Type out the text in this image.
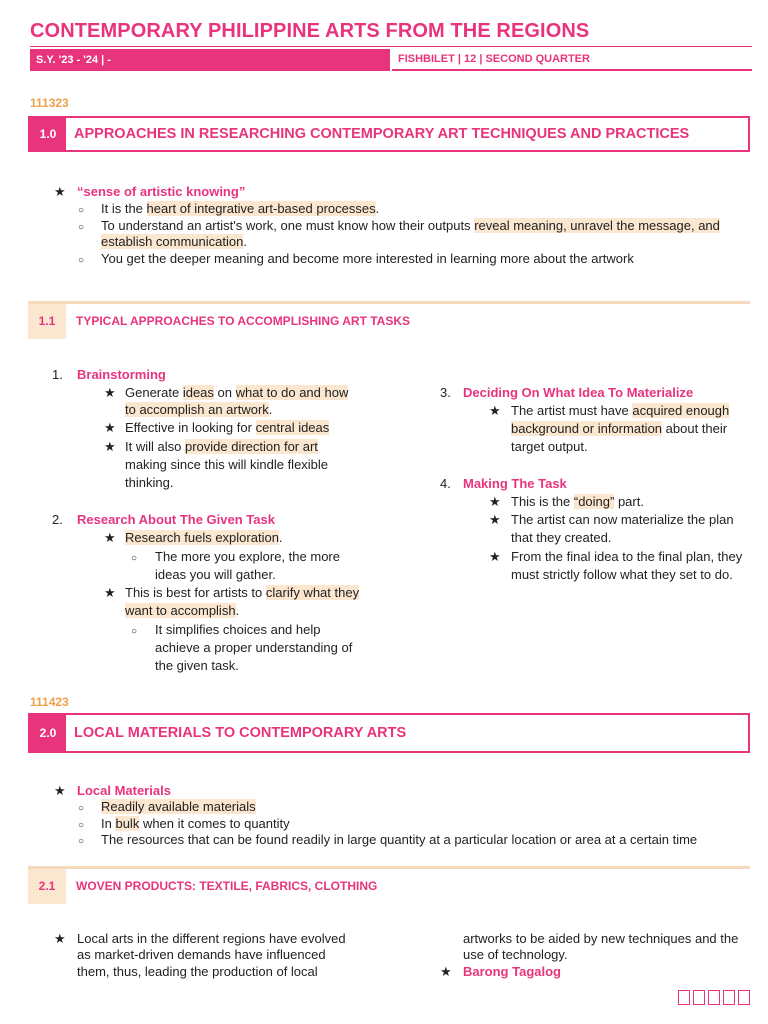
CONTEMPORARY PHILIPPINE ARTS FROM THE REGIONS
S.Y. '23 - '24 | -	FISHBILET | 12 | SECOND QUARTER
111323
1.0	APPROACHES IN RESEARCHING CONTEMPORARY ART TECHNIQUES AND PRACTICES
★
“sense of artistic knowing”
○
It is the heart of integrative art-based processes.
○
To understand an artist's work, one must know how their outputs reveal meaning, unravel the message, and
establish communication.
○
You get the deeper meaning and become more interested in learning more about the artwork
1.1	TYPICAL APPROACHES TO ACCOMPLISHING ART TASKS
1. Brainstorming
★
Generate ideas on what to do and how
to accomplish an artwork.
★
Effective in looking for central ideas
★
It will also provide direction for art
making since this will kindle flexible
thinking.
2. Research About The Given Task
★
Research fuels exploration.
○
The more you explore, the more
ideas you will gather.
★
This is best for artists to clarify what they
want to accomplish.
○
It simplifies choices and help
achieve a proper understanding of
the given task.
3. Deciding On What Idea To Materialize
★
The artist must have acquired enough
background or information about their
target output.
4. Making The Task
★
This is the “doing” part.
★
The artist can now materialize the plan
that they created.
★
From the final idea to the final plan, they
must strictly follow what they set to do.
111423
2.0	LOCAL MATERIALS TO CONTEMPORARY ARTS
★
Local Materials
○
Readily available materials
○
In bulk when it comes to quantity
○
The resources that can be found readily in large quantity at a particular location or area at a certain time
2.1	WOVEN PRODUCTS: TEXTILE, FABRICS, CLOTHING
★
Local arts in the different regions have evolved
as market-driven demands have influenced
them, thus, leading the production of local
artworks to be aided by new techniques and the
use of technology.
★
Barong Tagalog
